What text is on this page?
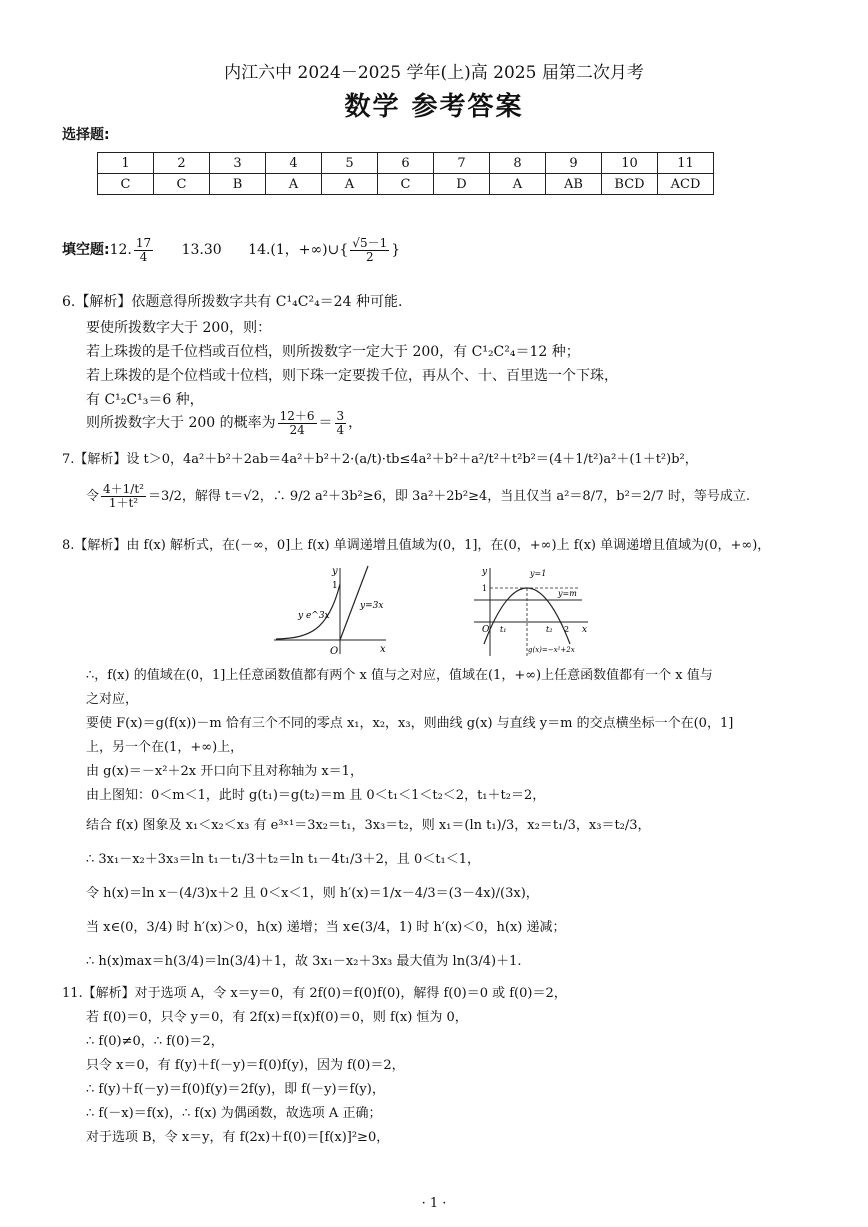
内江六中 2024－2025 学年(上)高 2025 届第二次月考
数学 参考答案
选择题:
1	2	3	4	5	6	7	8	9	10	11
C	C	B	A	A	C	D	A	AB	BCD	ACD
填空题:12. $\frac{17}{4} 13.30$ 14.(1，+∞)∪{ $\frac{√5-1}{2}$ }
6.【解析】依题意得所拨数字共有 C¹₄C²₄＝24 种可能.
要使所拨数字大于 200，则：
若上珠拨的是千位档或百位档，则所拨数字一定大于 200，有 C¹₂C²₄＝12 种；
若上珠拨的是个位档或十位档，则下珠一定要拨千位，再从个、十、百里选一个下珠，
有 C¹₂C¹₃＝6 种，
则所拨数字大于 200 的概率为 $\frac{12+6}{24} = \frac{3}{4}$ ，
7.【解析】设 t＞0，4a²＋b²＋2ab＝4a²＋b²＋2·(a/t)·tb≤4a²＋b²＋a²/t²＋t²b²＝(4＋1/t²)a²＋(1＋t²)b²，
令 $\frac{\text{4＋1/t²}}{\text{1＋t²}} =3/2$，解得 t＝√2，∴ 9/2 a²＋3b²≥6，即 3a²＋2b²≥4，当且仅当 a²＝8/7，b²＝2/7 时，等号成立.
8.【解析】由 f(x) 解析式，在(－∞，0]上 f(x) 单调递增且值域为(0，1]，在(0，+∞)上 f(x) 单调递增且值域为(0，+∞)，
y
x
O
1
y e^3x
y=3x
y
x
O
1
2
t₁	t₂
y=1
y=m
g(x)=−x²+2x
∴，f(x) 的值域在(0，1]上任意函数值都有两个 x 值与之对应，值域在(1，+∞)上任意函数值都有一个 x 值与
之对应，
要使 F(x)＝g(f(x))－m 恰有三个不同的零点 x₁，x₂，x₃，则曲线 g(x) 与直线 y＝m 的交点横坐标一个在(0，1]
上，另一个在(1，+∞)上，
由 g(x)＝－x²＋2x 开口向下且对称轴为 x＝1，
由上图知：0＜m＜1，此时 g(t₁)＝g(t₂)＝m 且 0＜t₁＜1＜t₂＜2，t₁＋t₂＝2，
结合 f(x) 图象及 x₁＜x₂＜x₃ 有 e³ˣ¹＝3x₂＝t₁，3x₃＝t₂，则 x₁＝(ln t₁)/3，x₂＝t₁/3，x₃＝t₂/3，
∴ 3x₁－x₂＋3x₃＝ln t₁－t₁/3＋t₂＝ln t₁－4t₁/3＋2，且 0＜t₁＜1，
令 h(x)＝ln x－(4/3)x＋2 且 0＜x＜1，则 h′(x)＝1/x－4/3＝(3－4x)/(3x)，
当 x∈(0，3/4) 时 h′(x)＞0，h(x) 递增；当 x∈(3/4，1) 时 h′(x)＜0，h(x) 递减；
∴ h(x)max＝h(3/4)＝ln(3/4)＋1，故 3x₁－x₂＋3x₃ 最大值为 ln(3/4)＋1.
11.【解析】对于选项 A，令 x＝y＝0，有 2f(0)＝f(0)f(0)，解得 f(0)＝0 或 f(0)＝2，
若 f(0)＝0，只令 y＝0，有 2f(x)＝f(x)f(0)＝0，则 f(x) 恒为 0，
∴ f(0)≠0，∴ f(0)＝2，
只令 x＝0，有 f(y)＋f(－y)＝f(0)f(y)，因为 f(0)＝2，
∴ f(y)＋f(－y)＝f(0)f(y)＝2f(y)，即 f(－y)＝f(y)，
∴ f(－x)＝f(x)，∴ f(x) 为偶函数，故选项 A 正确；
对于选项 B，令 x＝y，有 f(2x)＋f(0)＝[f(x)]²≥0，
· 1 ·
